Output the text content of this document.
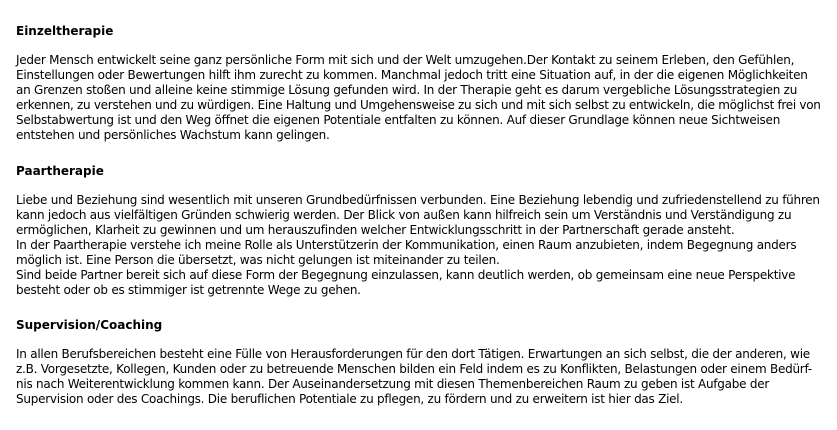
Einzeltherapie

Jeder Mensch entwickelt seine ganz persönliche Form mit sich und der Welt umzugehen.Der Kontakt zu seinem Erleben, den Gefühlen,
Einstellungen oder Bewertungen hilft ihm zurecht zu kommen. Manchmal jedoch tritt eine Situation auf, in der die eigenen Möglichkeiten
an Grenzen stoßen und alleine keine stimmige Lösung gefunden wird. In der Therapie geht es darum vergebliche Lösungsstrategien zu
erkennen, zu verstehen und zu würdigen. Eine Haltung und Umgehensweise zu sich und mit sich selbst zu entwickeln, die möglichst frei von
Selbstabwertung ist und den Weg öffnet die eigenen Potentiale entfalten zu können. Auf dieser Grundlage können neue Sichtweisen
entstehen und persönliches Wachstum kann gelingen.

Paartherapie

Liebe und Beziehung sind wesentlich mit unseren Grundbedürfnissen verbunden. Eine Beziehung lebendig und zufriedenstellend zu führen
kann jedoch aus vielfältigen Gründen schwierig werden. Der Blick von außen kann hilfreich sein um Verständnis und Verständigung zu
ermöglichen, Klarheit zu gewinnen und um herauszufinden welcher Entwicklungsschritt in der Partnerschaft gerade ansteht.
In der Paartherapie verstehe ich meine Rolle als Unterstützerin der Kommunikation, einen Raum anzubieten, indem Begegnung anders
möglich ist. Eine Person die übersetzt, was nicht gelungen ist miteinander zu teilen.
Sind beide Partner bereit sich auf diese Form der Begegnung einzulassen, kann deutlich werden, ob gemeinsam eine neue Perspektive
besteht oder ob es stimmiger ist getrennte Wege zu gehen.

Supervision/Coaching

In allen Berufsbereichen besteht eine Fülle von Herausforderungen für den dort Tätigen. Erwartungen an sich selbst, die der anderen, wie
z.B. Vorgesetzte, Kollegen, Kunden oder zu betreuende Menschen bilden ein Feld indem es zu Konflikten, Belastungen oder einem Bedürf-
nis nach Weiterentwicklung kommen kann. Der Auseinandersetzung mit diesen Themenbereichen Raum zu geben ist Aufgabe der
Supervision oder des Coachings. Die beruflichen Potentiale zu pflegen, zu fördern und zu erweitern ist hier das Ziel.
